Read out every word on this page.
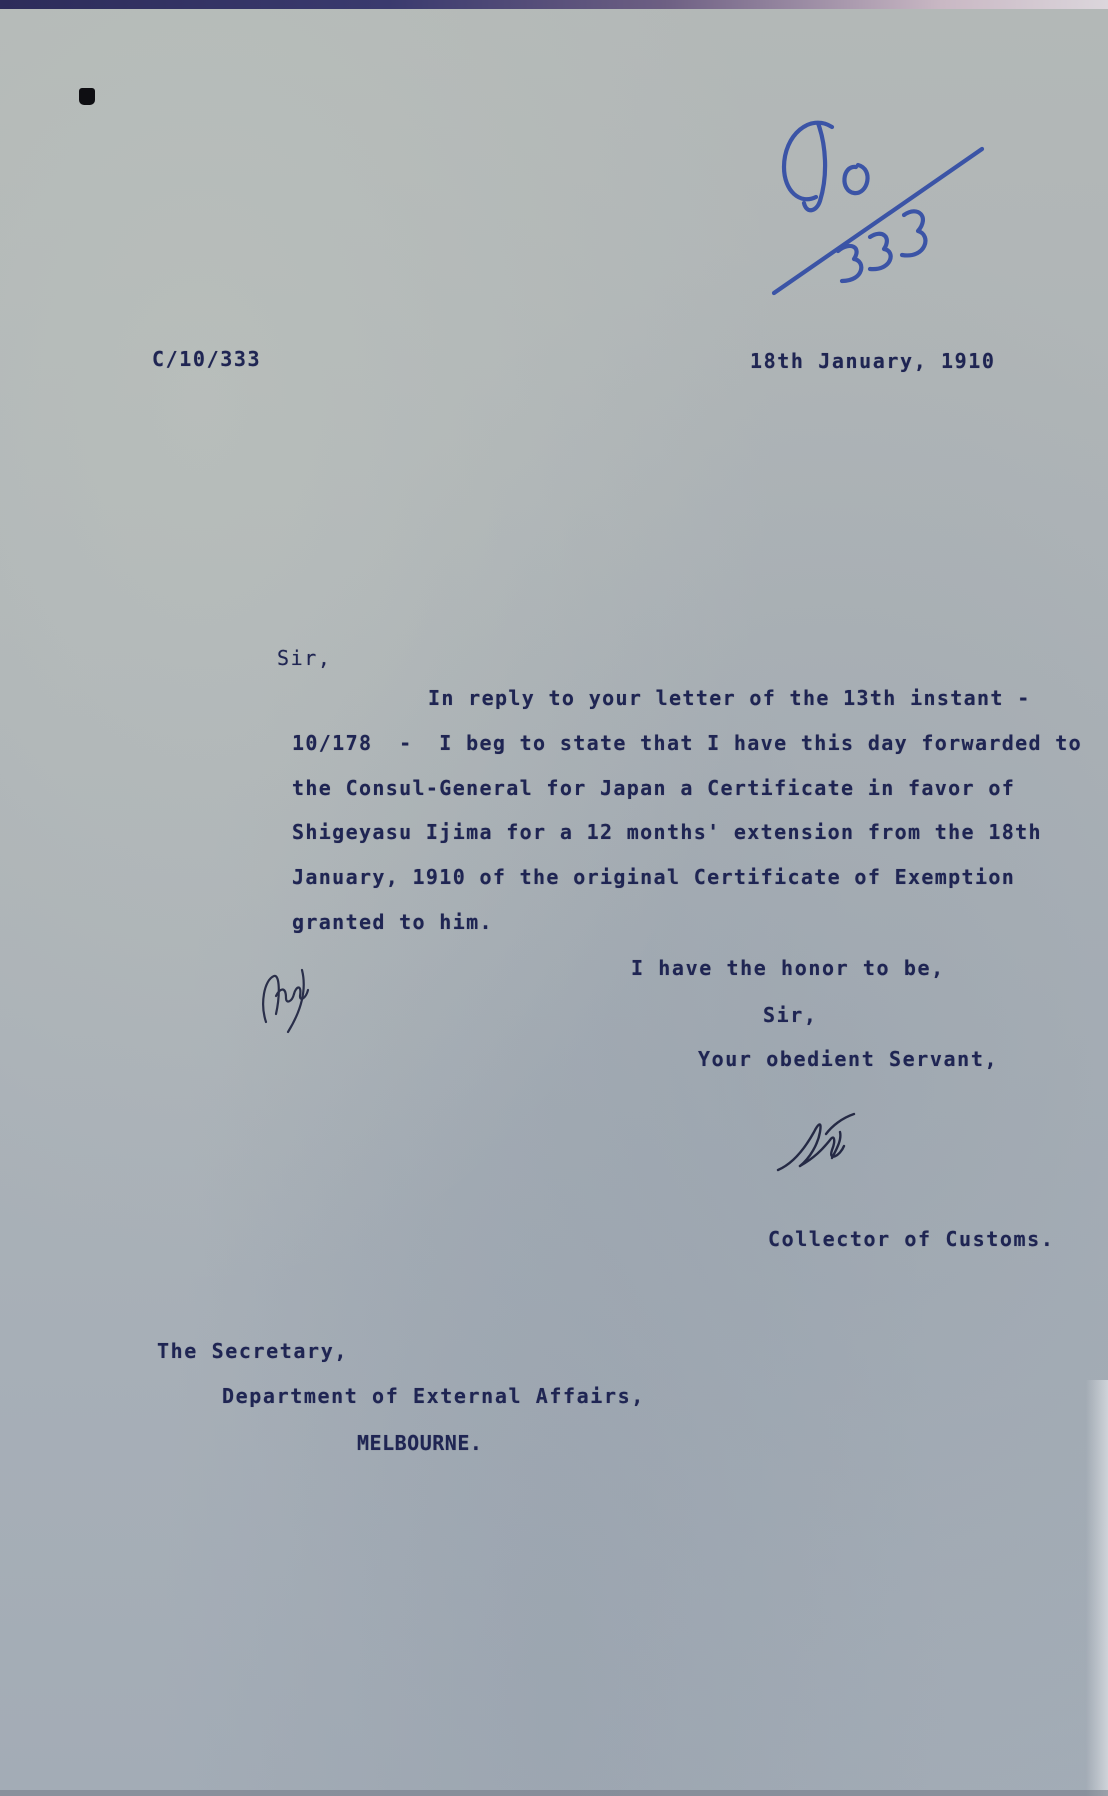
C/10/333	18th January, 1910

Sir,

In reply to your letter of the 13th instant -

10/178  -  I beg to state that I have this day forwarded to

the Consul-General for Japan a Certificate in favor of

Shigeyasu Ijima for a 12 months' extension from the 18th

January, 1910 of the original Certificate of Exemption

granted to him.

I have the honor to be,

Sir,

Your obedient Servant,

Collector of Customs.

The Secretary,

Department of External Affairs,

MELBOURNE.
